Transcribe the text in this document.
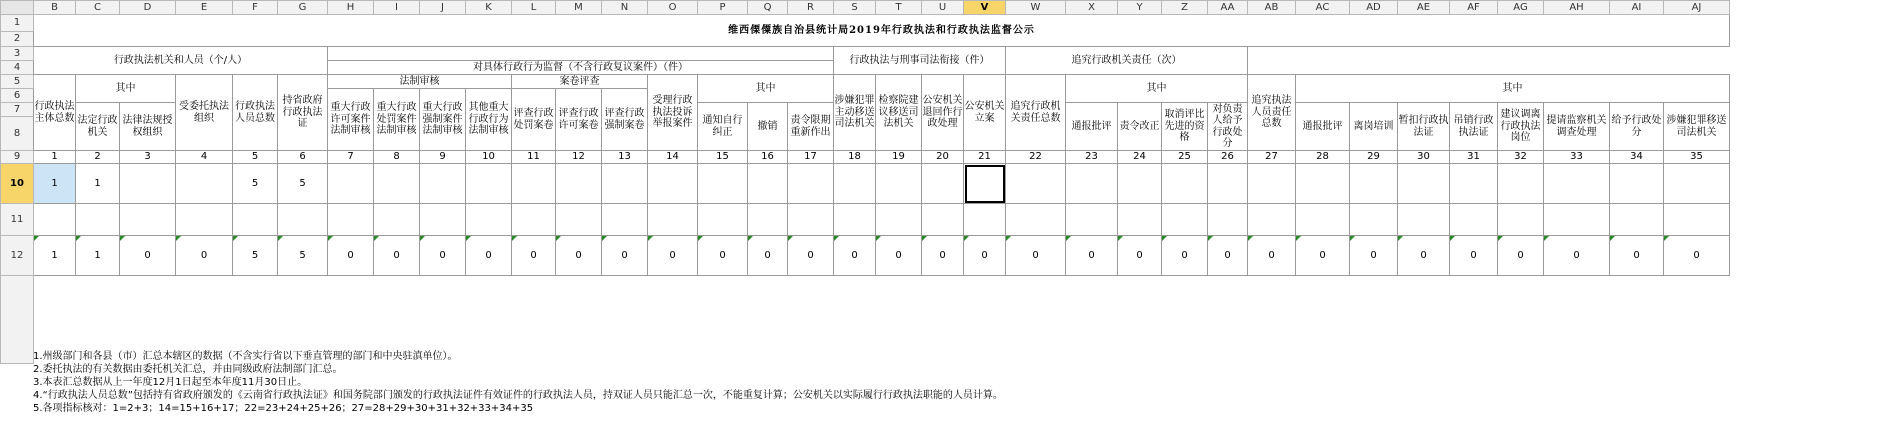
	B	C	D	E	F	G	H	I	J	K	L	M	N	O	P	Q	R	S	T	U	V	W	X	Y	Z	AA	AB	AC	AD	AE	AF	AG	AH	AI	AJ
1	维西傈僳族自治县统计局2019年行政执法和行政执法监督公示																																		
2																																			
3	行政执法机关和人员（个/人）																	行政执法与刑事司法衔接（件）				追究行政机关责任（次）													
4							对具体行政行为监督（不含行政复议案件）（件）																												
5	行政执法主体总数	其中		受委托执法组织	行政执法人员总数	持省政府行政执法证	法制审核				案卷评查			受理行政执法投诉举报案件	其中			涉嫌犯罪主动移送司法机关	检察院建议移送司法机关	公安机关退回作行政处理	公安机关立案	追究行政机关责任总数	其中				追究执法人员责任总数	其中							
6							重大行政许可案件法制审核	重大行政处罚案件法制审核	重大行政强制案件法制审核	其他重大行政行为法制审核	评查行政处罚案卷	评查行政许可案卷	评查行政强制案卷																						
7		法定行政机关	法律法规授权组织												通知自行纠正	撤销	责令限期重新作出						通报批评	责令改正	取消评比先进的资格	对负责人给予行政处分		通报批评	离岗培训	暂扣行政执法证	吊销行政执法证	建议调离行政执法岗位	提请监察机关调查处理	给予行政处分	涉嫌犯罪移送司法机关
8																																			
9	1	2	3	4	5	6	7	8	9	10	11	12	13	14	15	16	17	18	19	20	21	22	23	24	25	26	27	28	29	30	31	32	33	34	35
10	1	1			5	5																													
11																																			
12	1	1	0	0	5	5	0	0	0	0	0	0	0	0	0	0	0	0	0	0	0	0	0	0	0	0	0	0	0	0	0	0	0	0	0

1.州级部门和各县（市）汇总本辖区的数据（不含实行省以下垂直管理的部门和中央驻滇单位）。
2.委托执法的有关数据由委托机关汇总，并由同级政府法制部门汇总。
3.本表汇总数据从上一年度12月1日起至本年度11月30日止。
4.“行政执法人员总数”包括持有省政府颁发的《云南省行政执法证》和国务院部门颁发的行政执法证件有效证件的行政执法人员，持双证人员只能汇总一次，不能重复计算；公安机关以实际履行行政执法职能的人员计算。
5.各项指标核对：1=2+3；14=15+16+17；22=23+24+25+26；27=28+29+30+31+32+33+34+35
